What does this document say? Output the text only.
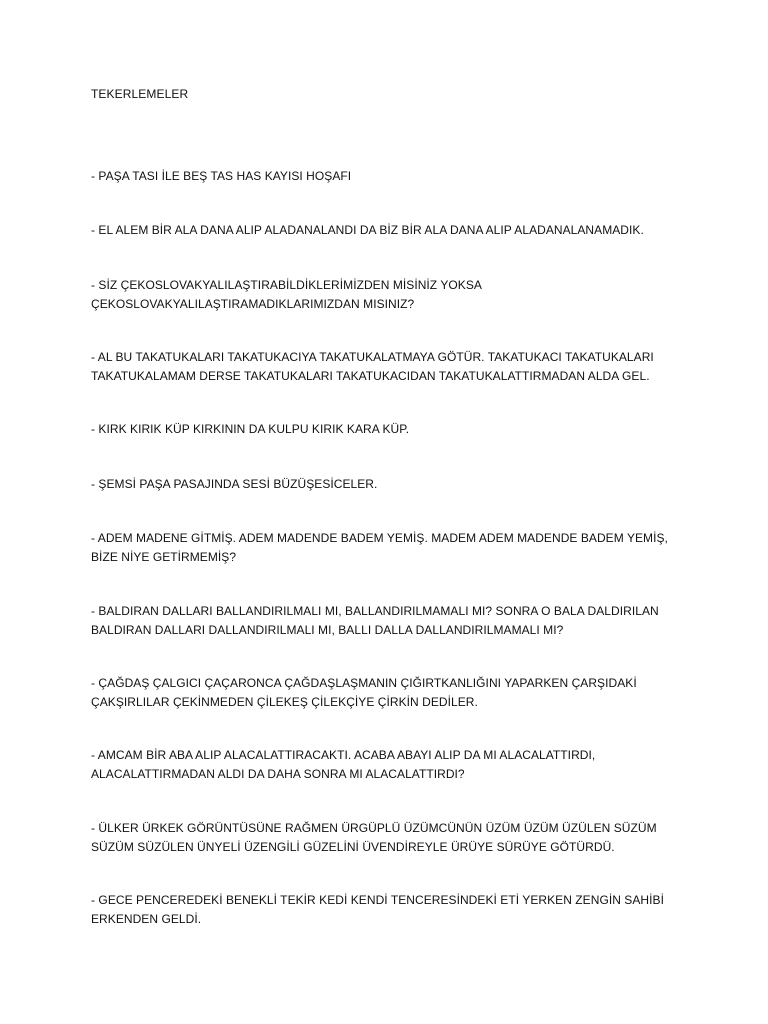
TEKERLEMELER
- PAŞA TASI İLE BEŞ TAS HAS KAYISI HOŞAFI
- EL ALEM BİR ALA DANA ALIP ALADANALANDI DA BİZ BİR ALA DANA ALIP ALADANALANAMADIK.
- SİZ ÇEKOSLOVAKYALILAŞTIRABİLDİKLERİMİZDEN MİSİNİZ YOKSA
ÇEKOSLOVAKYALILAŞTIRAMADIKLARIMIZDAN MISINIZ?
- AL BU TAKATUKALARI TAKATUKACIYA TAKATUKALATMAYA GÖTÜR. TAKATUKACI TAKATUKALARI
TAKATUKALAMAM DERSE TAKATUKALARI TAKATUKACIDAN TAKATUKALATTIRMADAN ALDA GEL.
- KIRK KIRIK KÜP KIRKININ DA KULPU KIRIK KARA KÜP.
- ŞEMSİ PAŞA PASAJINDA SESİ BÜZÜŞESİCELER.
- ADEM MADENE GİTMİŞ. ADEM MADENDE BADEM YEMİŞ. MADEM ADEM MADENDE BADEM YEMİŞ,
BİZE NİYE GETİRMEMİŞ?
- BALDIRAN DALLARI BALLANDIRILMALI MI, BALLANDIRILMAMALI MI? SONRA O BALA DALDIRILAN
BALDIRAN DALLARI DALLANDIRILMALI MI, BALLI DALLA DALLANDIRILMAMALI MI?
- ÇAĞDAŞ ÇALGICI ÇAÇARONCA ÇAĞDAŞLAŞMANIN ÇIĞIRTKANLIĞINI YAPARKEN ÇARŞIDAKİ
ÇAKŞIRLILAR ÇEKİNMEDEN ÇİLEKEŞ ÇİLEKÇİYE ÇİRKİN DEDİLER.
- AMCAM BİR ABA ALIP ALACALATTIRACAKTI. ACABA ABAYI ALIP DA MI ALACALATTIRDI,
ALACALATTIRMADAN ALDI DA DAHA SONRA MI ALACALATTIRDI?
- ÜLKER ÜRKEK GÖRÜNTÜSÜNE RAĞMEN ÜRGÜPLÜ ÜZÜMCÜNÜN ÜZÜM ÜZÜM ÜZÜLEN SÜZÜM
SÜZÜM SÜZÜLEN ÜNYELİ ÜZENGİLİ GÜZELİNİ ÜVENDİREYLE ÜRÜYE SÜRÜYE GÖTÜRDÜ.
- GECE PENCEREDEKİ BENEKLİ TEKİR KEDİ KENDİ TENCERESİNDEKİ ETİ YERKEN ZENGİN SAHİBİ
ERKENDEN GELDİ.
